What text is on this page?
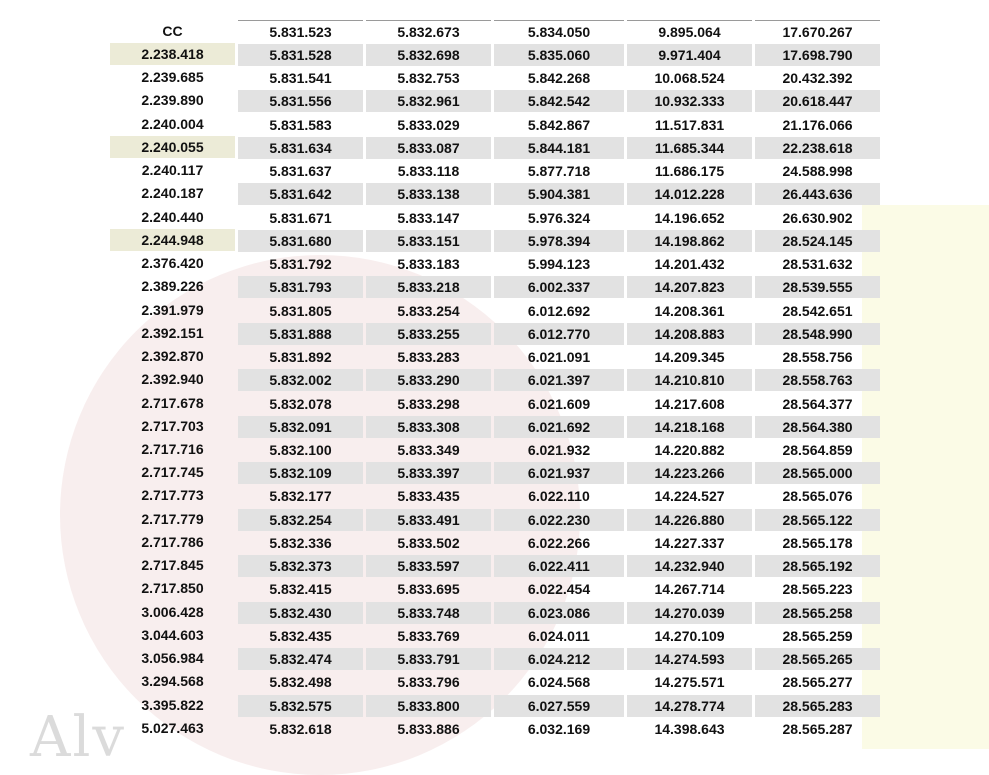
Alv
CC
2.238.418
2.239.685
2.239.890
2.240.004
2.240.055
2.240.117
2.240.187
2.240.440
2.244.948
2.376.420
2.389.226
2.391.979
2.392.151
2.392.870
2.392.940
2.717.678
2.717.703
2.717.716
2.717.745
2.717.773
2.717.779
2.717.786
2.717.845
2.717.850
3.006.428
3.044.603
3.056.984
3.294.568
3.395.822
5.027.463
5.831.523
5.831.528
5.831.541
5.831.556
5.831.583
5.831.634
5.831.637
5.831.642
5.831.671
5.831.680
5.831.792
5.831.793
5.831.805
5.831.888
5.831.892
5.832.002
5.832.078
5.832.091
5.832.100
5.832.109
5.832.177
5.832.254
5.832.336
5.832.373
5.832.415
5.832.430
5.832.435
5.832.474
5.832.498
5.832.575
5.832.618
5.832.673
5.832.698
5.832.753
5.832.961
5.833.029
5.833.087
5.833.118
5.833.138
5.833.147
5.833.151
5.833.183
5.833.218
5.833.254
5.833.255
5.833.283
5.833.290
5.833.298
5.833.308
5.833.349
5.833.397
5.833.435
5.833.491
5.833.502
5.833.597
5.833.695
5.833.748
5.833.769
5.833.791
5.833.796
5.833.800
5.833.886
5.834.050
5.835.060
5.842.268
5.842.542
5.842.867
5.844.181
5.877.718
5.904.381
5.976.324
5.978.394
5.994.123
6.002.337
6.012.692
6.012.770
6.021.091
6.021.397
6.021.609
6.021.692
6.021.932
6.021.937
6.022.110
6.022.230
6.022.266
6.022.411
6.022.454
6.023.086
6.024.011
6.024.212
6.024.568
6.027.559
6.032.169
9.895.064
9.971.404
10.068.524
10.932.333
11.517.831
11.685.344
11.686.175
14.012.228
14.196.652
14.198.862
14.201.432
14.207.823
14.208.361
14.208.883
14.209.345
14.210.810
14.217.608
14.218.168
14.220.882
14.223.266
14.224.527
14.226.880
14.227.337
14.232.940
14.267.714
14.270.039
14.270.109
14.274.593
14.275.571
14.278.774
14.398.643
17.670.267
17.698.790
20.432.392
20.618.447
21.176.066
22.238.618
24.588.998
26.443.636
26.630.902
28.524.145
28.531.632
28.539.555
28.542.651
28.548.990
28.558.756
28.558.763
28.564.377
28.564.380
28.564.859
28.565.000
28.565.076
28.565.122
28.565.178
28.565.192
28.565.223
28.565.258
28.565.259
28.565.265
28.565.277
28.565.283
28.565.287
